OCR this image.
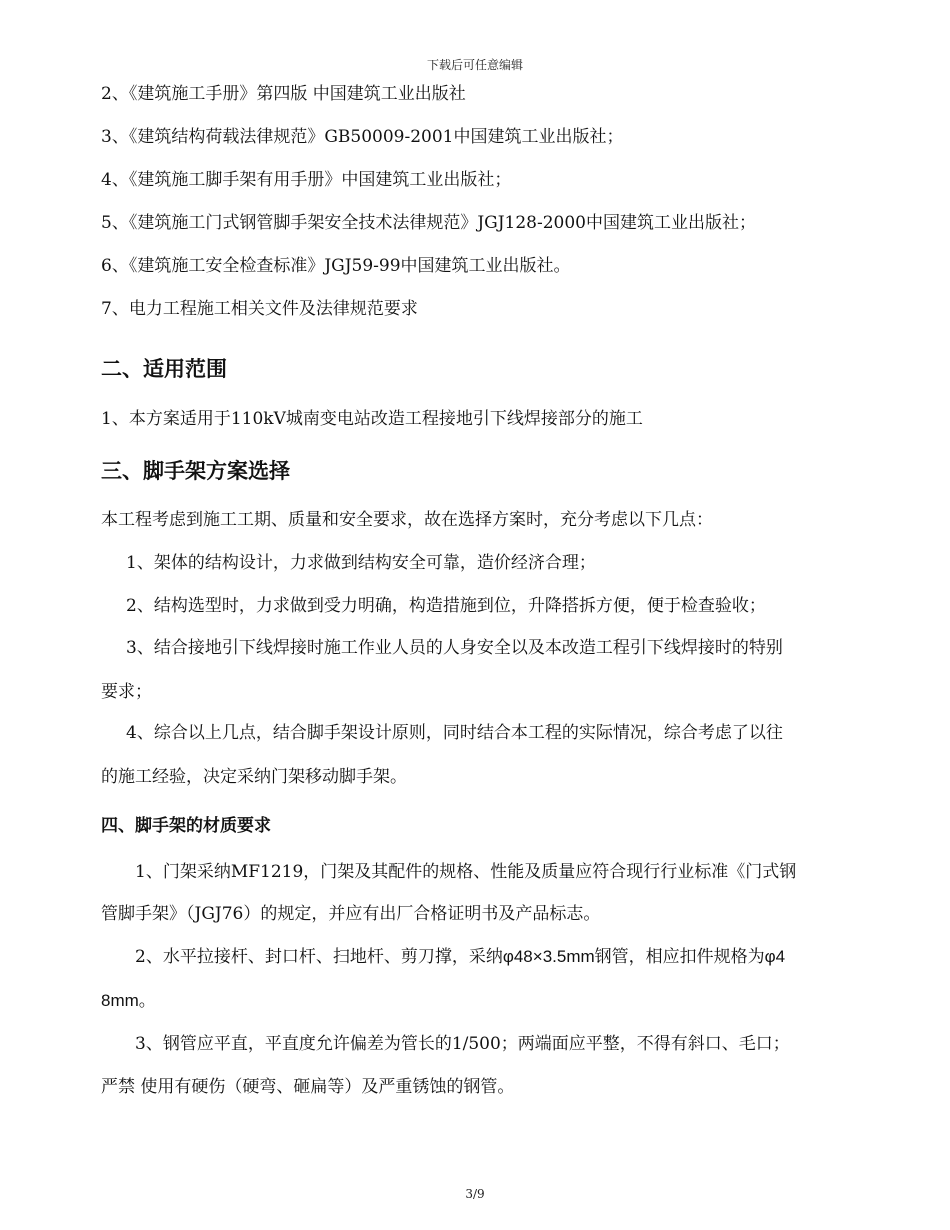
下载后可任意编辑
2、《建筑施工手册》第四版 中国建筑工业出版社
3、《建筑结构荷载法律规范》GB50009-2001中国建筑工业出版社；
4、《建筑施工脚手架有用手册》中国建筑工业出版社；
5、《建筑施工门式钢管脚手架安全技术法律规范》JGJ128-2000中国建筑工业出版社；
6、《建筑施工安全检查标准》JGJ59-99中国建筑工业出版社。
7、电力工程施工相关文件及法律规范要求
二、适用范围
1、本方案适用于110kV城南变电站改造工程接地引下线焊接部分的施工
三、脚手架方案选择
本工程考虑到施工工期、质量和安全要求，故在选择方案时，充分考虑以下几点：
1、架体的结构设计，力求做到结构安全可靠，造价经济合理；
2、结构选型时，力求做到受力明确，构造措施到位，升降搭拆方便，便于检查验收；
3、结合接地引下线焊接时施工作业人员的人身安全以及本改造工程引下线焊接时的特别
要求；
4、综合以上几点，结合脚手架设计原则，同时结合本工程的实际情况，综合考虑了以往
的施工经验，决定采纳门架移动脚手架。
四、脚手架的材质要求
1、门架采纳MF1219，门架及其配件的规格、性能及质量应符合现行行业标准《门式钢
管脚手架》（JGJ76）的规定，并应有出厂合格证明书及产品标志。
2、水平拉接杆、封口杆、扫地杆、剪刀撑，采纳φ48×3.5mm钢管，相应扣件规格为φ4
8mm。
3、钢管应平直，平直度允许偏差为管长的1/500；两端面应平整，不得有斜口、毛口；
严禁 使用有硬伤（硬弯、砸扁等）及严重锈蚀的钢管。
3/9
